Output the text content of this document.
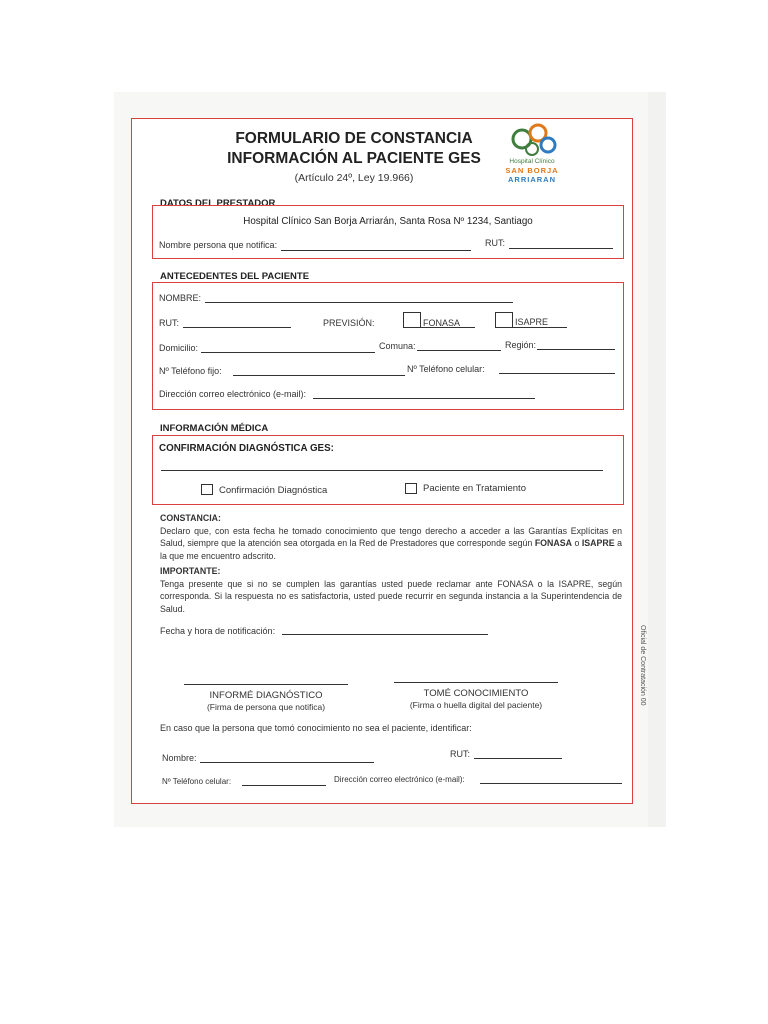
Oficial de Contratación 00
FORMULARIO DE CONSTANCIA
INFORMACIÓN AL PACIENTE GES
(Artículo 24º, Ley 19.966)
Hospital Clínico
SAN BORJA
ARRIARAN
DATOS DEL PRESTADOR
Hospital Clínico San Borja Arriarán, Santa Rosa Nº 1234, Santiago
Nombre persona que notifica:	RUT:
ANTECEDENTES DEL PACIENTE
NOMBRE:
RUT:	PREVISIÓN:	FONASA	ISAPRE
Domicilio:	Comuna:	Región:
Nº Teléfono fijo:	Nº Teléfono celular:
Dirección correo electrónico (e-mail):
INFORMACIÓN MÉDICA
CONFIRMACIÓN DIAGNÓSTICA GES:
Confirmación Diagnóstica	Paciente en Tratamiento
CONSTANCIA:
Declaro que, con esta fecha he tomado conocimiento que tengo derecho a acceder a las Garantías Explícitas en Salud, siempre que la atención sea otorgada en la Red de Prestadores que corresponde según FONASA o ISAPRE a la que me encuentro adscrito.
IMPORTANTE:
Tenga presente que si no se cumplen las garantías usted puede reclamar ante FONASA o la ISAPRE, según corresponda. Si la respuesta no es satisfactoria, usted puede recurrir en segunda instancia a la Superintendencia de Salud.
Fecha y hora de notificación:
INFORMÉ DIAGNÓSTICO
(Firma de persona que notifica)
TOMÉ CONOCIMIENTO
(Firma o huella digital del paciente)
En caso que la persona que tomó conocimiento no sea el paciente, identificar:
Nombre:	RUT:
Nº Teléfono celular:	Dirección correo electrónico (e-mail):
